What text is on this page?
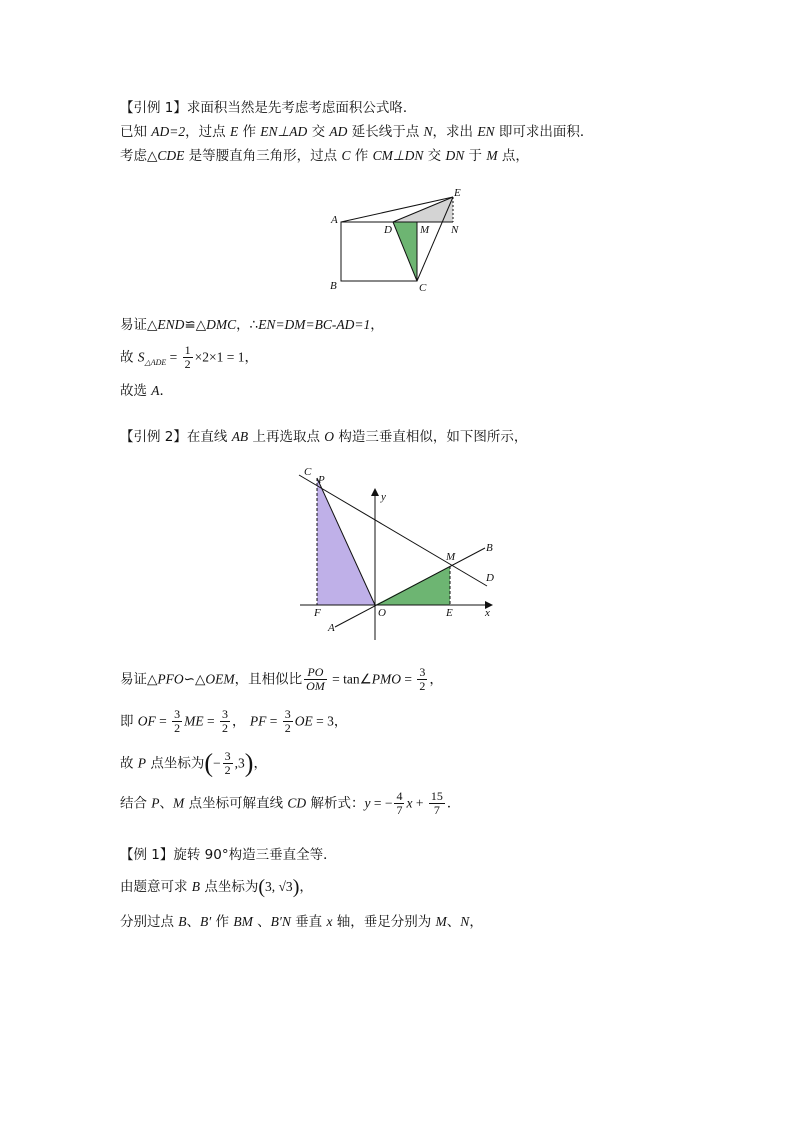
【引例 1】求面积当然是先考虑考虑面积公式咯．
已知 AD=2，过点 E 作 EN⊥AD 交 AD 延长线于点 N，求出 EN 即可求出面积．
考虑△CDE 是等腰直角三角形，过点 C 作 CM⊥DN 交 DN 于 M 点，
A
B	C
D	M N
E
易证△END≌△DMC，∴EN=DM=BC-AD=1，
故 $S_{\triangle ADE} = \frac{1}{2} \times 2\times 1 = 1$，
故选 A．
【引例 2】在直线 AB 上再选取点 O 构造三垂直相似，如下图所示，
C
P
y
M
B
D
F	O	E	x
A
易证△PFO∽△OEM，且相似比 $\frac{PO}{OM}$ = tan∠PMO = $\frac{3}{2}$ ，
即 OF = $\frac{3}{2}$ ME = $\frac{3}{2}$ ， PF = $\frac{3}{2}$ OE = 3，
故 P 点坐标为(− $\frac{3}{2} ,3$)，
结合 P、M 点坐标可解直线 CD 解析式：y = − $\frac{4}{7}$ $x + \frac{15}{7}$ ．
【例 1】旋转 90°构造三垂直全等．
由题意可求 B 点坐标为(3, √3)，
分别过点 B、B′ 作 BM 、B′N 垂直 x 轴，垂足分别为 M、N，
